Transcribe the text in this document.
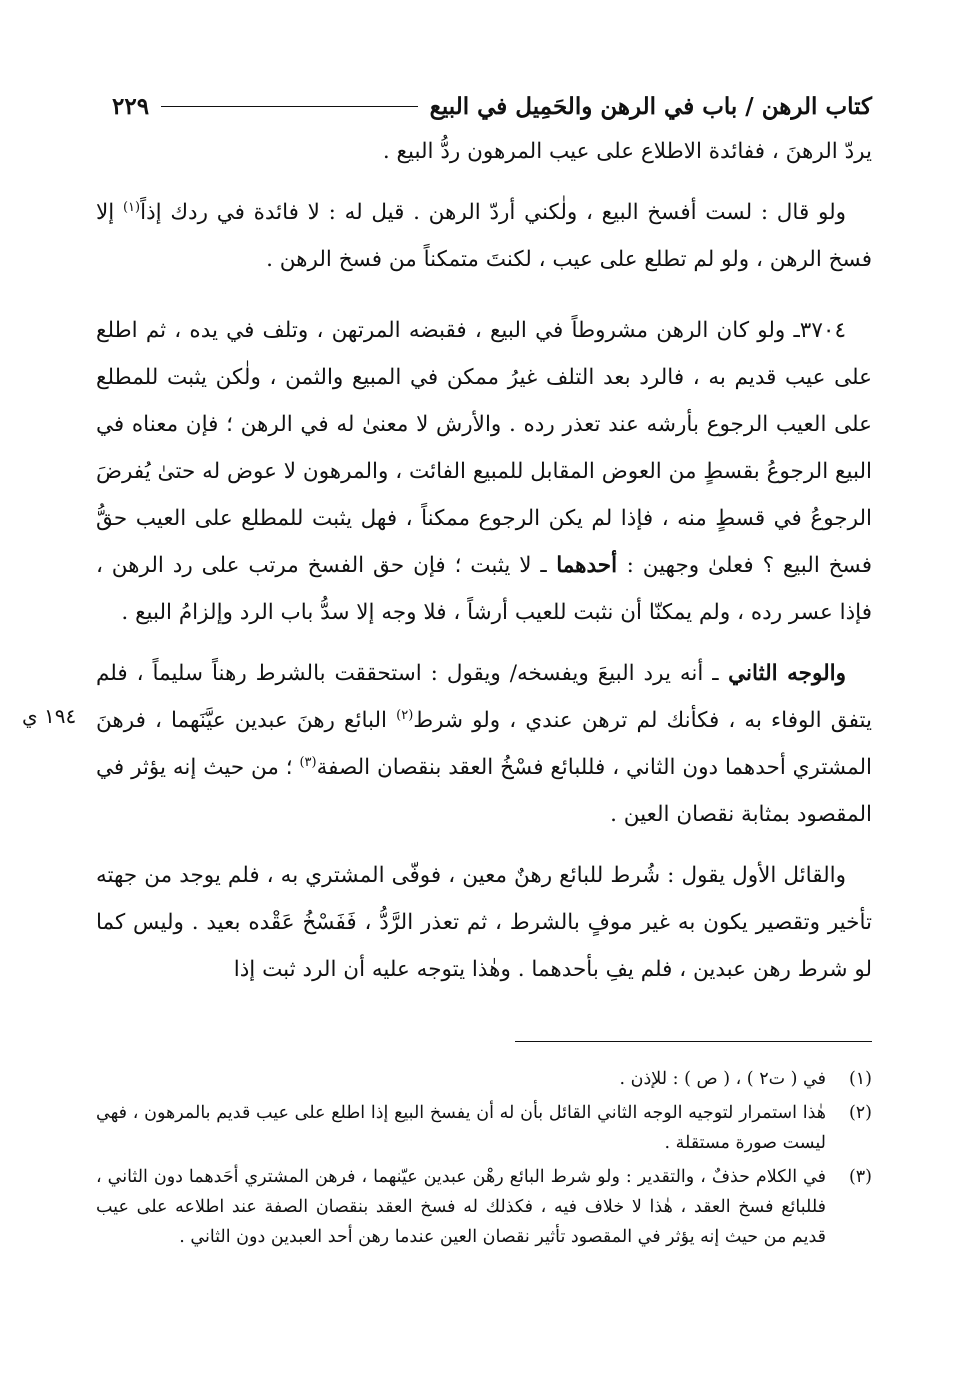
كتاب الرهن / باب في الرهن والحَمِيل في البيع
٢٢٩
١٩٤ ي

يردّ الرهنَ ، ففائدة الاطلاع على عيب المرهون ردُّ البيع .

ولو قال : لست أفسخ البيع ، ولٰكني أردّ الرهن . قيل له : لا فائدة في ردك إذاً$^{(١)}$ إلا فسخ الرهن ، ولو لم تطلع على عيب ، لكنتَ متمكناً من فسخ الرهن .

٣٧٠٤ـ ولو كان الرهن مشروطاً في البيع ، فقبضه المرتهن ، وتلف في يده ، ثم اطلع على عيب قديم به ، فالرد بعد التلف غيرُ ممكن في المبيع والثمن ، ولٰكن يثبت للمطلع على العيب الرجوع بأرشه عند تعذر رده . والأرش لا معنىٰ له في الرهن ؛ فإن معناه في البيع الرجوعُ بقسطٍ من العوض المقابل للمبيع الفائت ، والمرهون لا عوض له حتىٰ يُفرضَ الرجوعُ في قسطٍ منه ، فإذا لم يكن الرجوع ممكناً ، فهل يثبت للمطلع على العيب حقُّ فسخ البيع ؟ فعلىٰ وجهين : أحدهما ـ لا يثبت ؛ فإن حق الفسخ مرتب على رد الرهن ، فإذا عسر رده ، ولم يمكنّا أن نثبت للعيب أرشاً ، فلا وجه إلا سدُّ باب الرد وإلزامُ البيع .

والوجه الثاني ـ أنه يرد البيعَ ويفسخه/ ويقول : استحققت بالشرط رهناً سليماً ، فلم يتفق الوفاء به ، فكأنك لم ترهن عندي ، ولو شرط$^{(٢)}$ البائع رهنَ عبدين عيَّنَهما ، فرهنَ المشتري أحدهما دون الثاني ، فللبائع فسْخُ العقد بنقصان الصفة$^{(٣)}$ ؛ من حيث إنه يؤثر في المقصود بمثابة نقصان العين .

والقائل الأول يقول : شُرط للبائع رهنٌ معين ، فوفّى المشتري به ، فلم يوجد من جهته تأخير وتقصير يكون به غير موفٍ بالشرط ، ثم تعذر الرَّدُّ ، فَفَسْخُ عَقْده بعيد . وليس كما لو شرط رهن عبدين ، فلم يفِ بأحدهما . وهٰذا يتوجه عليه أن الرد ثبت إذا

(١)
في ( ت٢ ) ، ( ص ) : للإذن .
(٢)
هٰذا استمرار لتوجيه الوجه الثاني القائل بأن له أن يفسخ البيع إذا اطلع على عيب قديم بالمرهون ، فهي ليست صورة مستقلة .
(٣)
في الكلام حذفٌ ، والتقدير : ولو شرط البائع رهْن عبدين عيّنهما ، فرهن المشتري أحَدهما دون الثاني ، فللبائع فسخ العقد ، هٰذا لا خلاف فيه ، فكذلك له فسخ العقد بنقصان الصفة عند اطلاعه على عيب قديم من حيث إنه يؤثر في المقصود تأثير نقصان العين عندما رهن أحد العبدين دون الثاني .
